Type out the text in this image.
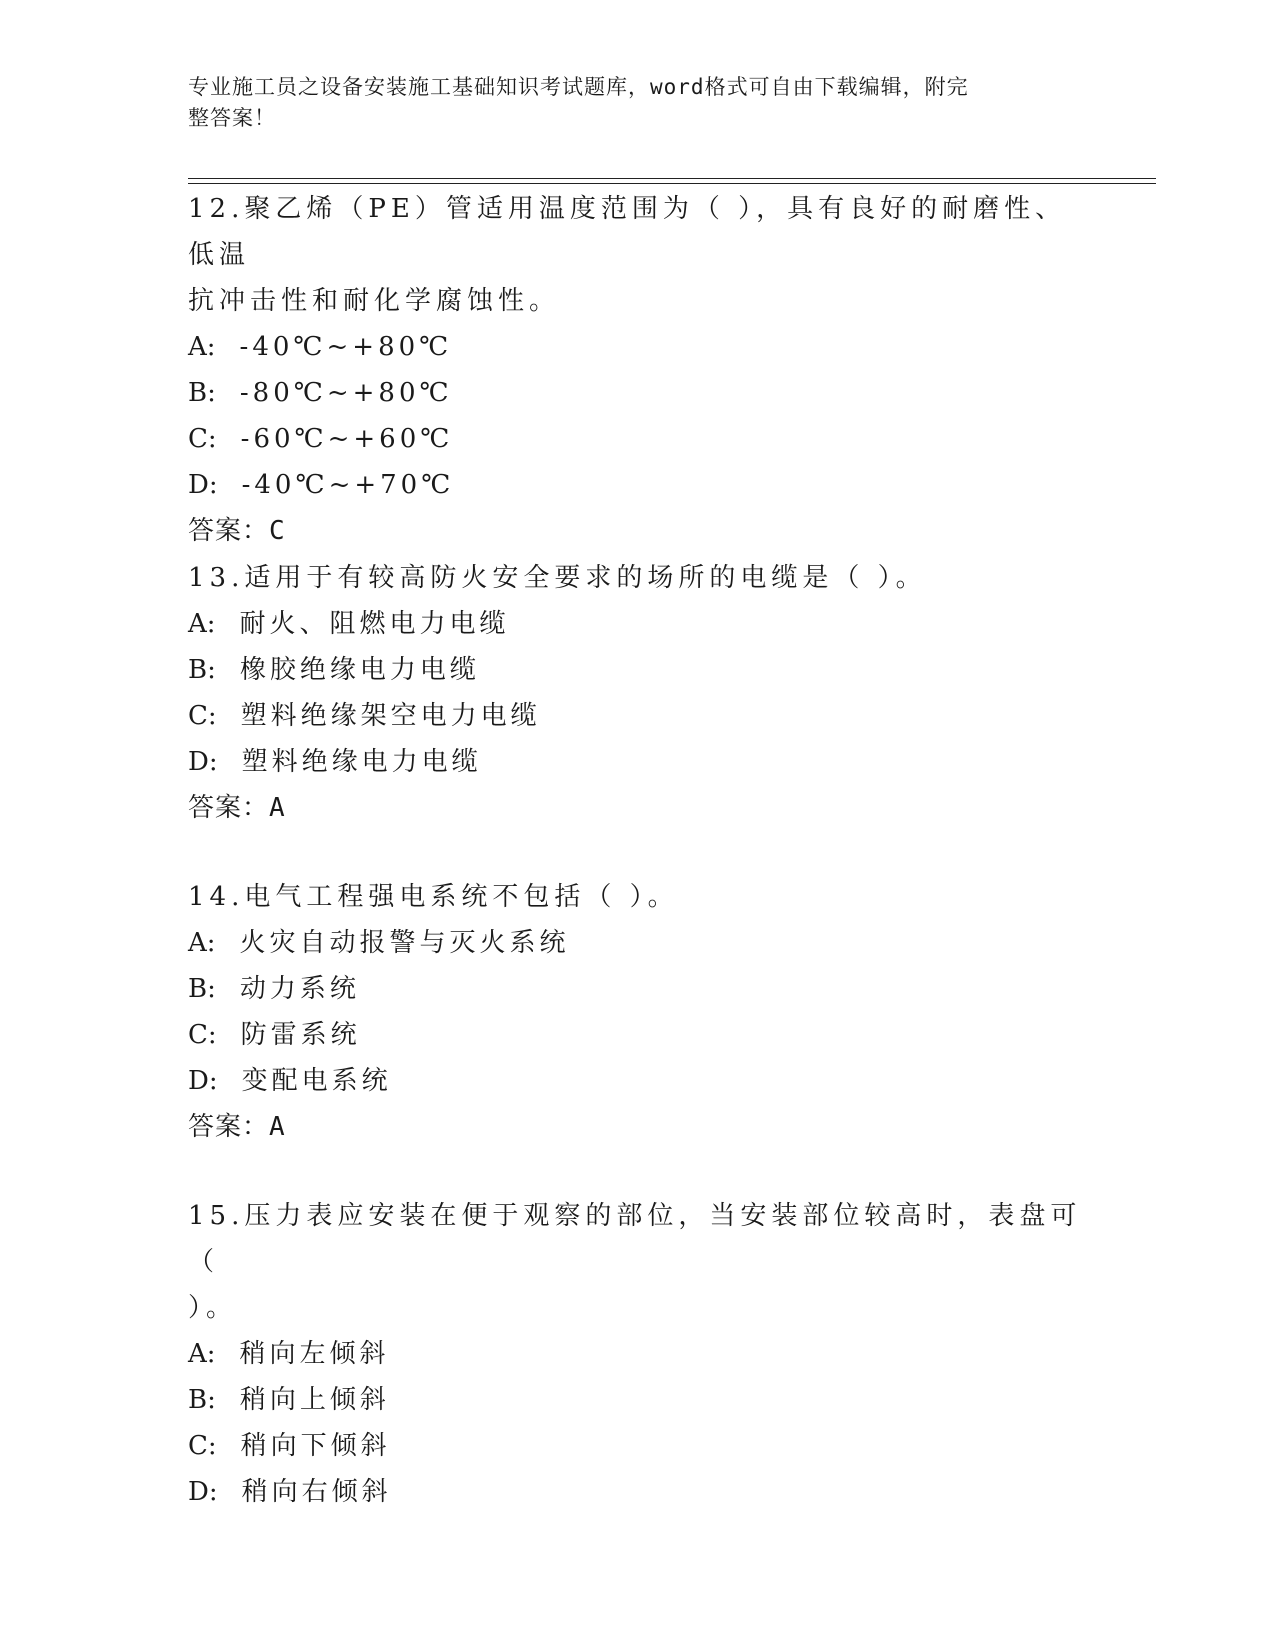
专业施工员之设备安装施工基础知识考试题库，word格式可自由下载编辑，附完
整答案！
12.聚乙烯（PE）管适用温度范围为（ ），具有良好的耐磨性、低温
抗冲击性和耐化学腐蚀性。
A: -40℃~+80℃
B: -80℃~+80℃
C: -60℃~+60℃
D: -40℃~+70℃
答案：C
13.适用于有较高防火安全要求的场所的电缆是（ ）。
A: 耐火、阻燃电力电缆
B: 橡胶绝缘电力电缆
C: 塑料绝缘架空电力电缆
D: 塑料绝缘电力电缆
答案：A
14.电气工程强电系统不包括（ ）。
A: 火灾自动报警与灭火系统
B: 动力系统
C: 防雷系统
D: 变配电系统
答案：A
15.压力表应安装在便于观察的部位，当安装部位较高时，表盘可（
）。
A: 稍向左倾斜
B: 稍向上倾斜
C: 稍向下倾斜
D: 稍向右倾斜
